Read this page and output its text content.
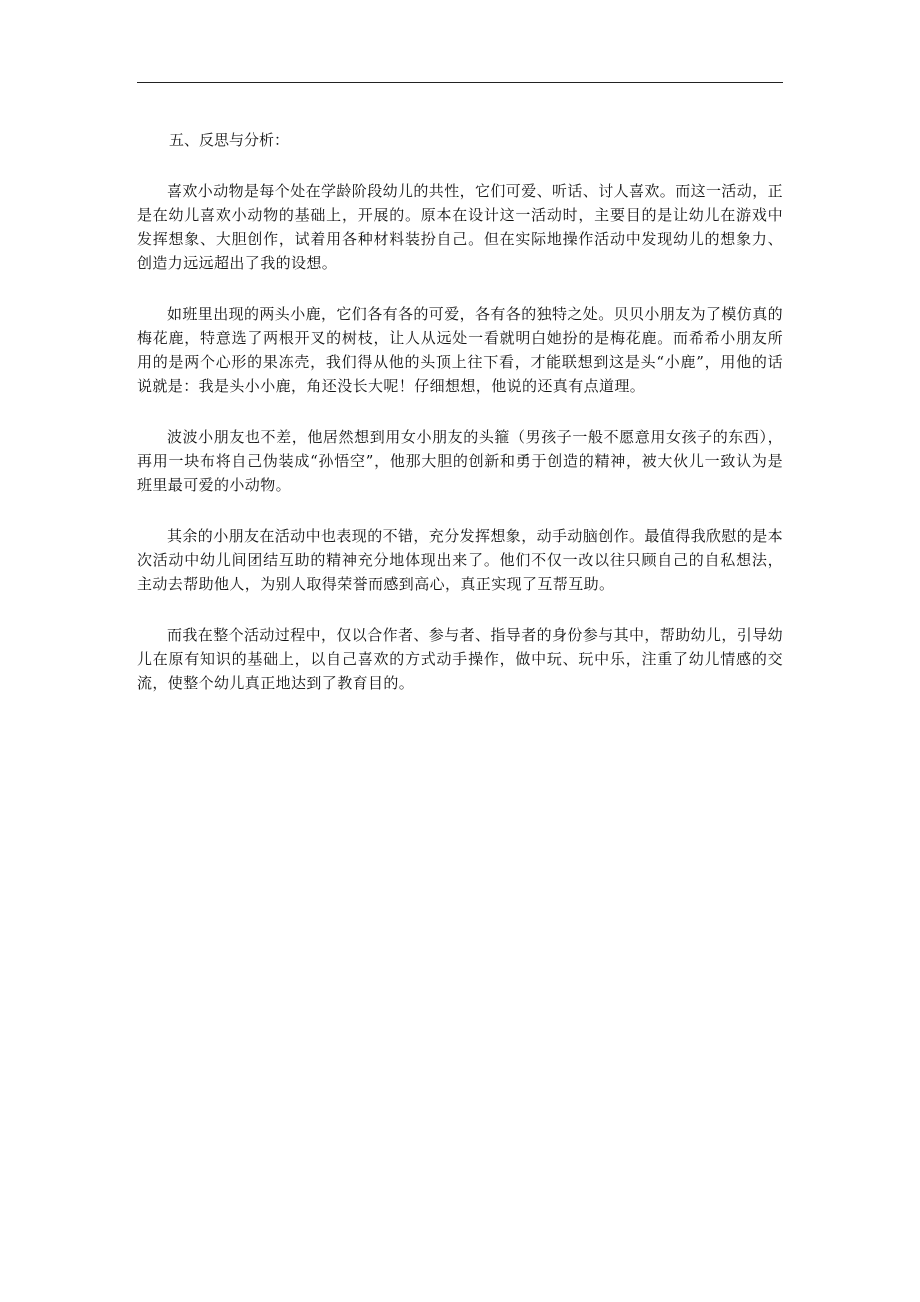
五、反思与分析：

喜欢小动物是每个处在学龄阶段幼儿的共性，它们可爱、听话、讨人喜欢。而这一活动，正是在幼儿喜欢小动物的基础上，开展的。原本在设计这一活动时，主要目的是让幼儿在游戏中发挥想象、大胆创作，试着用各种材料装扮自己。但在实际地操作活动中发现幼儿的想象力、创造力远远超出了我的设想。

如班里出现的两头小鹿，它们各有各的可爱，各有各的独特之处。贝贝小朋友为了模仿真的梅花鹿，特意选了两根开叉的树枝，让人从远处一看就明白她扮的是梅花鹿。而希希小朋友所用的是两个心形的果冻壳，我们得从他的头顶上往下看，才能联想到这是头“小鹿”，用他的话说就是：我是头小小鹿，角还没长大呢！仔细想想，他说的还真有点道理。

波波小朋友也不差，他居然想到用女小朋友的头箍（男孩子一般不愿意用女孩子的东西），再用一块布将自己伪装成“孙悟空”，他那大胆的创新和勇于创造的精神，被大伙儿一致认为是班里最可爱的小动物。

其余的小朋友在活动中也表现的不错，充分发挥想象，动手动脑创作。最值得我欣慰的是本次活动中幼儿间团结互助的精神充分地体现出来了。他们不仅一改以往只顾自己的自私想法，主动去帮助他人，为别人取得荣誉而感到高心，真正实现了互帮互助。

而我在整个活动过程中，仅以合作者、参与者、指导者的身份参与其中，帮助幼儿，引导幼儿在原有知识的基础上，以自己喜欢的方式动手操作，做中玩、玩中乐，注重了幼儿情感的交流，使整个幼儿真正地达到了教育目的。
